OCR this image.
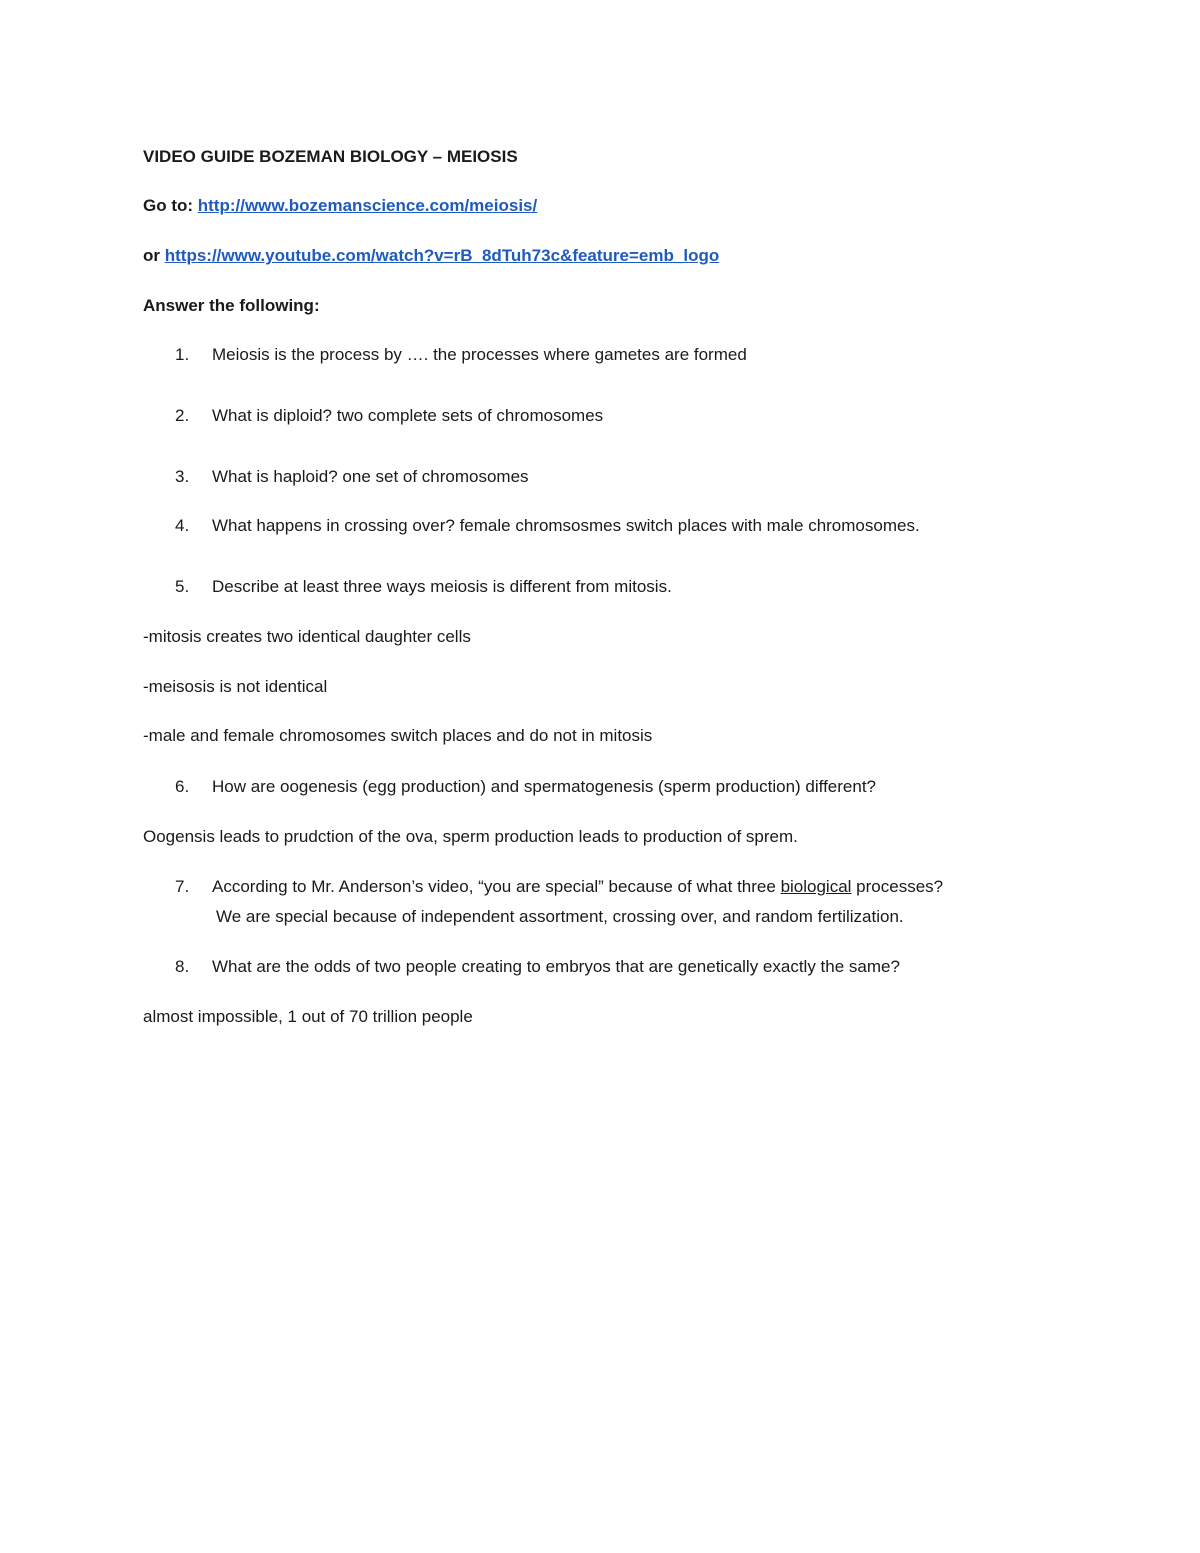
VIDEO GUIDE BOZEMAN BIOLOGY – MEIOSIS
Go to: http://www.bozemanscience.com/meiosis/
or https://www.youtube.com/watch?v=rB_8dTuh73c&feature=emb_logo
Answer the following:
1. Meiosis is the process by …. the processes where gametes are formed
2. What is diploid? two complete sets of chromosomes
3. What is haploid? one set of chromosomes
4. What happens in crossing over? female chromsosmes switch places with male chromosomes.
5. Describe at least three ways meiosis is different from mitosis.
-mitosis creates two identical daughter cells
-meisosis is not identical
-male and female chromosomes switch places and do not in mitosis
6. How are oogenesis (egg production) and spermatogenesis (sperm production) different?
Oogensis leads to prudction of the ova, sperm production leads to production of sprem.
7. According to Mr. Anderson’s video, “you are special” because of what three biological processes?
We are special because of independent assortment, crossing over, and random fertilization.
8. What are the odds of two people creating to embryos that are genetically exactly the same?
almost impossible, 1 out of 70 trillion people
